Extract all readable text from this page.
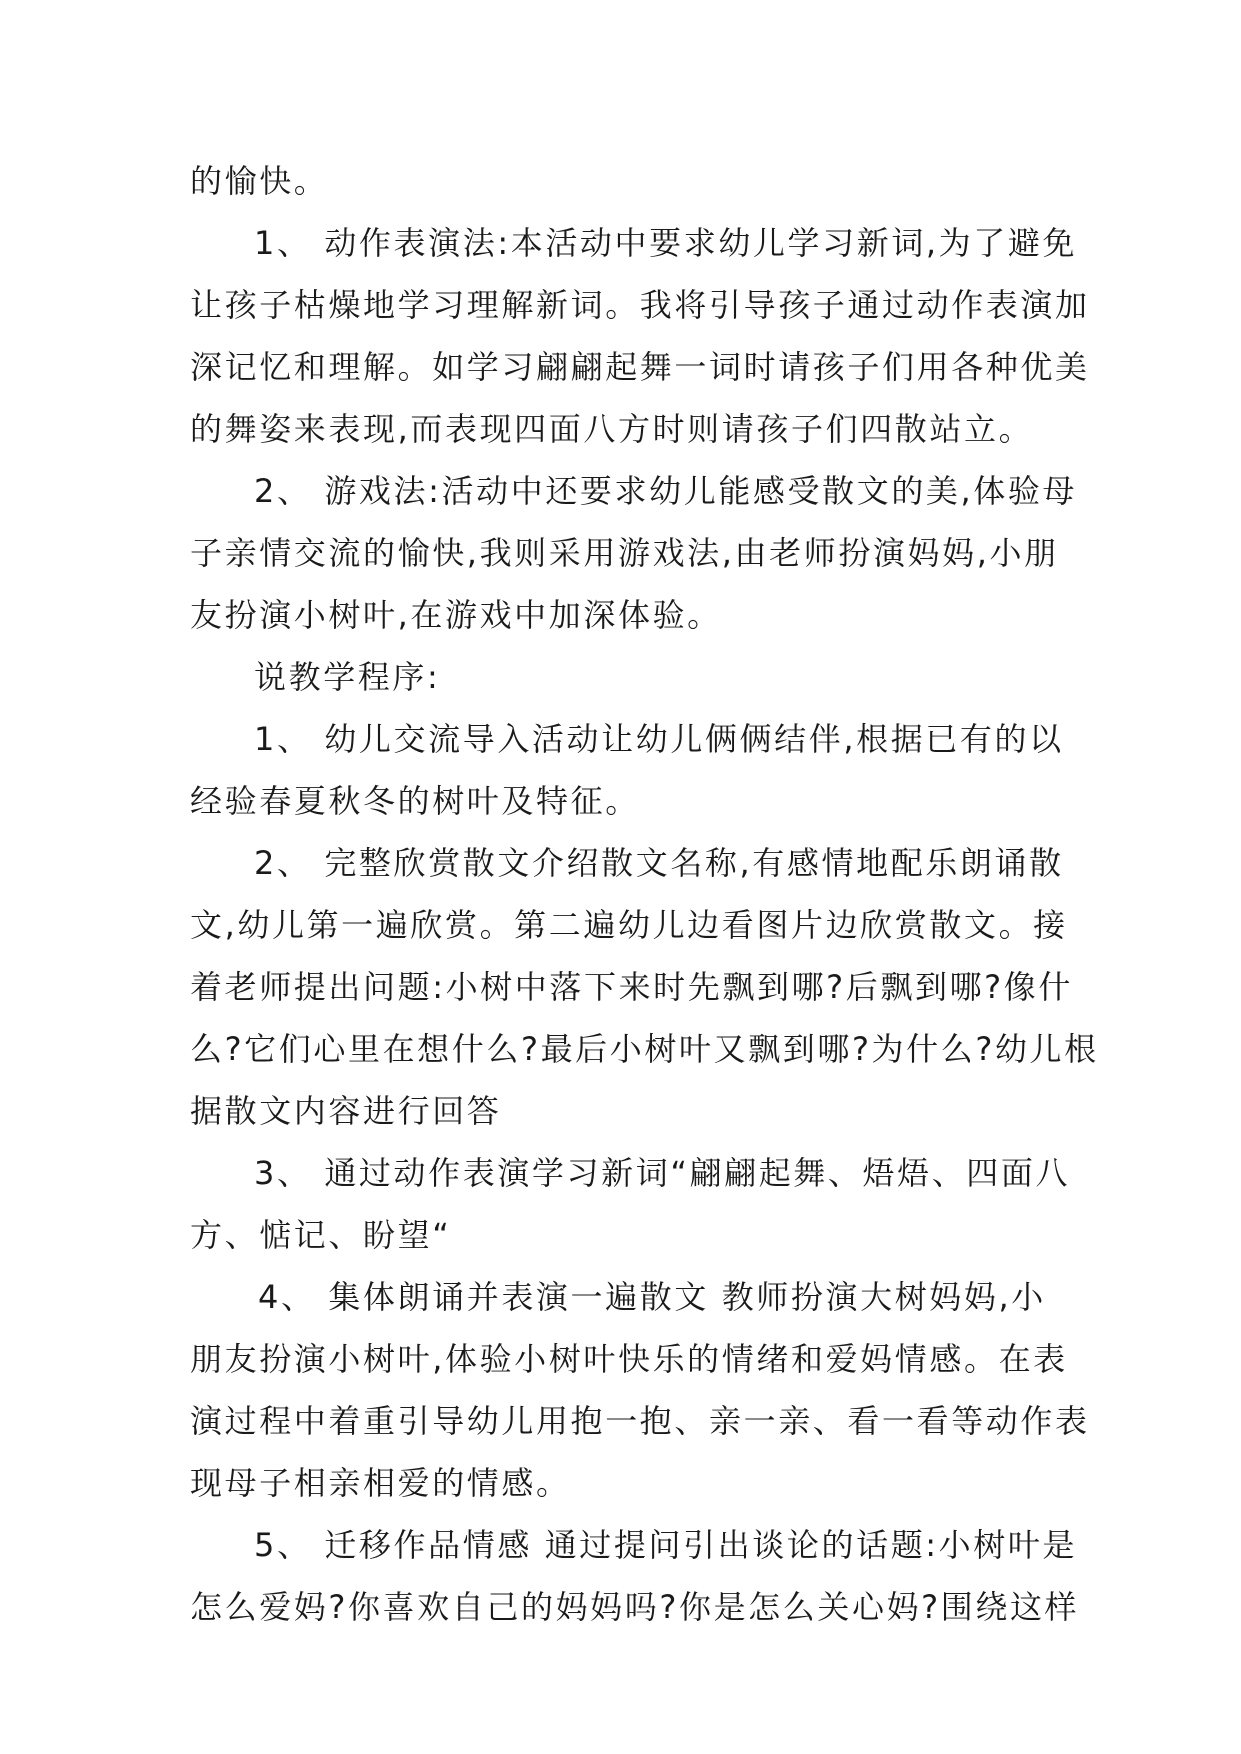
的愉快。
1、 动作表演法:本活动中要求幼儿学习新词,为了避免
让孩子枯燥地学习理解新词。我将引导孩子通过动作表演加
深记忆和理解。如学习翩翩起舞一词时请孩子们用各种优美
的舞姿来表现,而表现四面八方时则请孩子们四散站立。
2、 游戏法:活动中还要求幼儿能感受散文的美,体验母
子亲情交流的愉快,我则采用游戏法,由老师扮演妈妈,小朋
友扮演小树叶,在游戏中加深体验。
说教学程序:
1、 幼儿交流导入活动让幼儿俩俩结伴,根据已有的以
经验春夏秋冬的树叶及特征。
2、 完整欣赏散文介绍散文名称,有感情地配乐朗诵散
文,幼儿第一遍欣赏。第二遍幼儿边看图片边欣赏散文。接
着老师提出问题:小树中落下来时先飘到哪?后飘到哪?像什
么?它们心里在想什么?最后小树叶又飘到哪?为什么?幼儿根
据散文内容进行回答
3、 通过动作表演学习新词“翩翩起舞、焐焐、四面八
方、惦记、盼望“
4、 集体朗诵并表演一遍散文 教师扮演大树妈妈,小
朋友扮演小树叶,体验小树叶快乐的情绪和爱妈情感。在表
演过程中着重引导幼儿用抱一抱、亲一亲、看一看等动作表
现母子相亲相爱的情感。
5、 迁移作品情感 通过提问引出谈论的话题:小树叶是
怎么爱妈?你喜欢自己的妈妈吗?你是怎么关心妈?围绕这样
